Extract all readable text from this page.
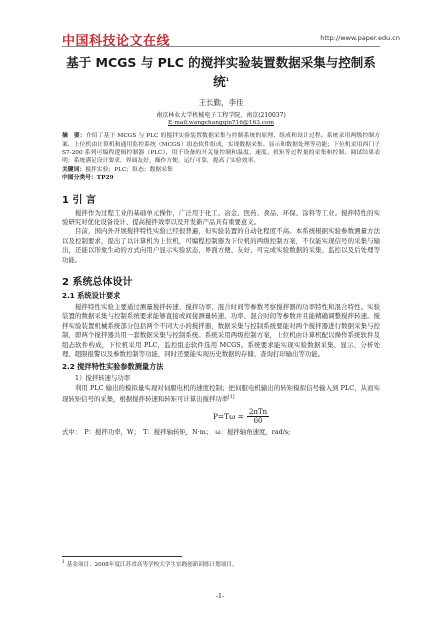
中国科技论文在线	http://www.paper.edu.cn
基于 MCGS 与 PLC 的搅拌实验装置数据采集与控制系统$^1$
王长勤，李佳
南京林业大学机械电子工程学院，南京(210037)
E-mail:wangchangqin716@163.com
摘　要：介绍了基于 MCGS 与 PLC 的搅拌实验装置数据采集与控制系统的原理、组成和设计过程。系统采用两级控制方案，上位机由计算机和通用监控系统（MCGS）组态软件组成，实现数据采集、显示和数据处理等功能；下位机采用西门子 S7-200 系列可编程逻辑控制器（PLC），用于设备的开关量控制和温度、速度、扭矩等过程量的采集和控制。调试结果表明：系统满足设计要求，界面友好，操作方便，运行可靠，提高了实验效率。
关键词：搅拌实验；PLC；组态；数据采集
中图分类号：TP29
1 引 言

搅拌作为过程工业的基础单元操作，广泛用于化工、冶金、医药、食品、环保、涂料等工业。搅拌特性的实验研究对优化设备设计、提高搅拌效率以及开发新产品具有重要意义。

目前，国内外开展搅拌特性实验已经很普遍，但实验装置的自动化程度不高。本系统根据实验参数测量方法以及控制要求，提出了以计算机为上位机，可编程控制器为下位机的两级控制方案，不仅能实现信号的采集与输出，还能以形象生动的方式向用户显示实验状态，界面方便、友好，可完成实验数据的采集、监控以及后处理等功能。

2 系统总体设计
2.1 系统设计要求

搅拌特性实验主要通过测量搅拌转速、搅拌功率、混合时间等参数考察搅拌器的功率特性和混合特性。实验装置的数据采集与控制系统要求能够直接或间接测量转速、功率、混合时间等参数并且能精确调整搅拌转速。搅拌实验装置机械系统部分包括两个不同大小的搅拌器，数据采集与控制系统要能对两个搅拌器进行数据采集与控制，即两个搅拌器共用一套数据采集与控制系统。系统采用两级控制方案，上位机由计算机配以操作系统软件及组态软件构成，下位机采用 PLC，监控组态软件选用 MCGS。系统要求能实现实验数据采集、显示、分析处理、超限报警以及参数控制等功能，同时还要能实现历史数据的存储、查询打印输出等功能。

2.2 搅拌特性实验参数测量方法
1）搅拌转速与功率

利用 PLC 输出的模拟量实现对伺服电机的速度控制；把伺服电机输出的转矩模拟信号输入到 PLC，从而实现转矩信号的采集，根据搅拌转速和转矩可计算出搅拌功率[1]

$P=T\omega = \frac{\text{2πTn}}{60}$
式中：　P：搅拌功率，W；　T：搅拌轴转矩，N·m；　ω：搅拌轴角速度，rad/s;
$^1$ 基金项目：2008年度江苏省高等学校大学生实践创新训练计划项目。
-1-
